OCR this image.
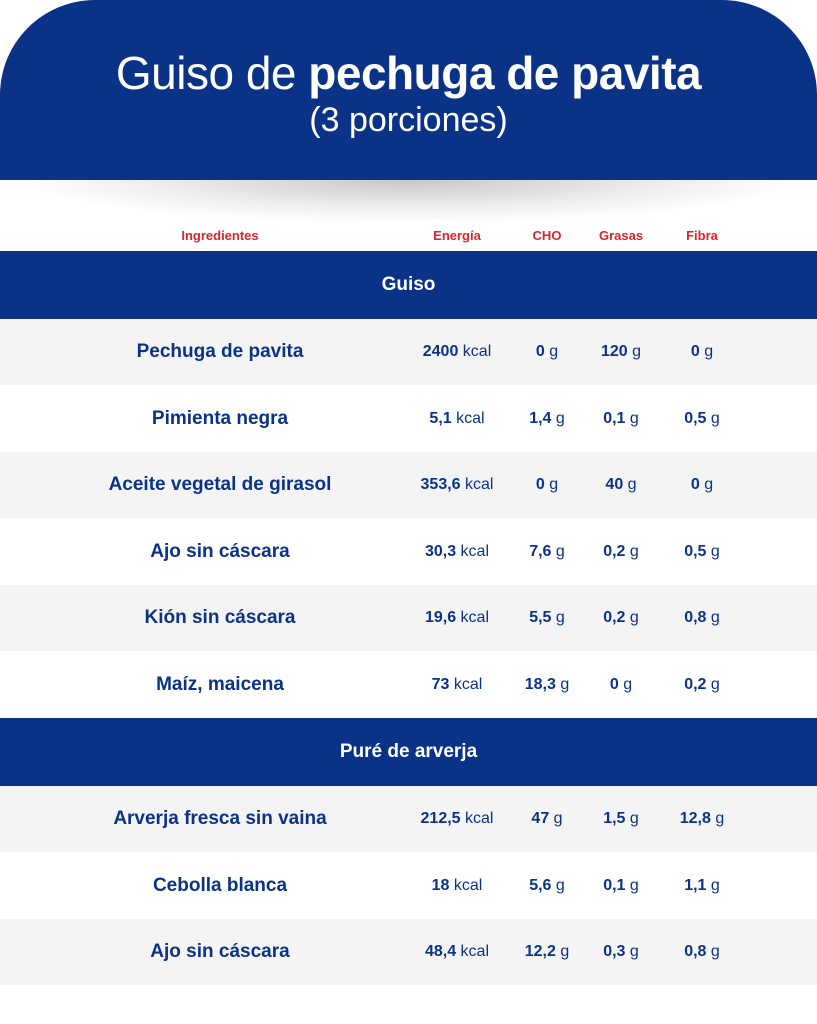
Guiso de pechuga de pavita
(3 porciones)
Ingredientes	Energía	CHO	Grasas	Fibra
Guiso
Pechuga de pavita	2400 kcal	0 g	120 g	0 g
Pimienta negra	5,1 kcal	1,4 g	0,1 g	0,5 g
Aceite vegetal de girasol	353,6 kcal	0 g	40 g	0 g
Ajo sin cáscara	30,3 kcal	7,6 g	0,2 g	0,5 g
Kión sin cáscara	19,6 kcal	5,5 g	0,2 g	0,8 g
Maíz, maicena	73 kcal	18,3 g	0 g	0,2 g
Puré de arverja
Arverja fresca sin vaina	212,5 kcal	47 g	1,5 g	12,8 g
Cebolla blanca	18 kcal	5,6 g	0,1 g	1,1 g
Ajo sin cáscara	48,4 kcal	12,2 g	0,3 g	0,8 g
